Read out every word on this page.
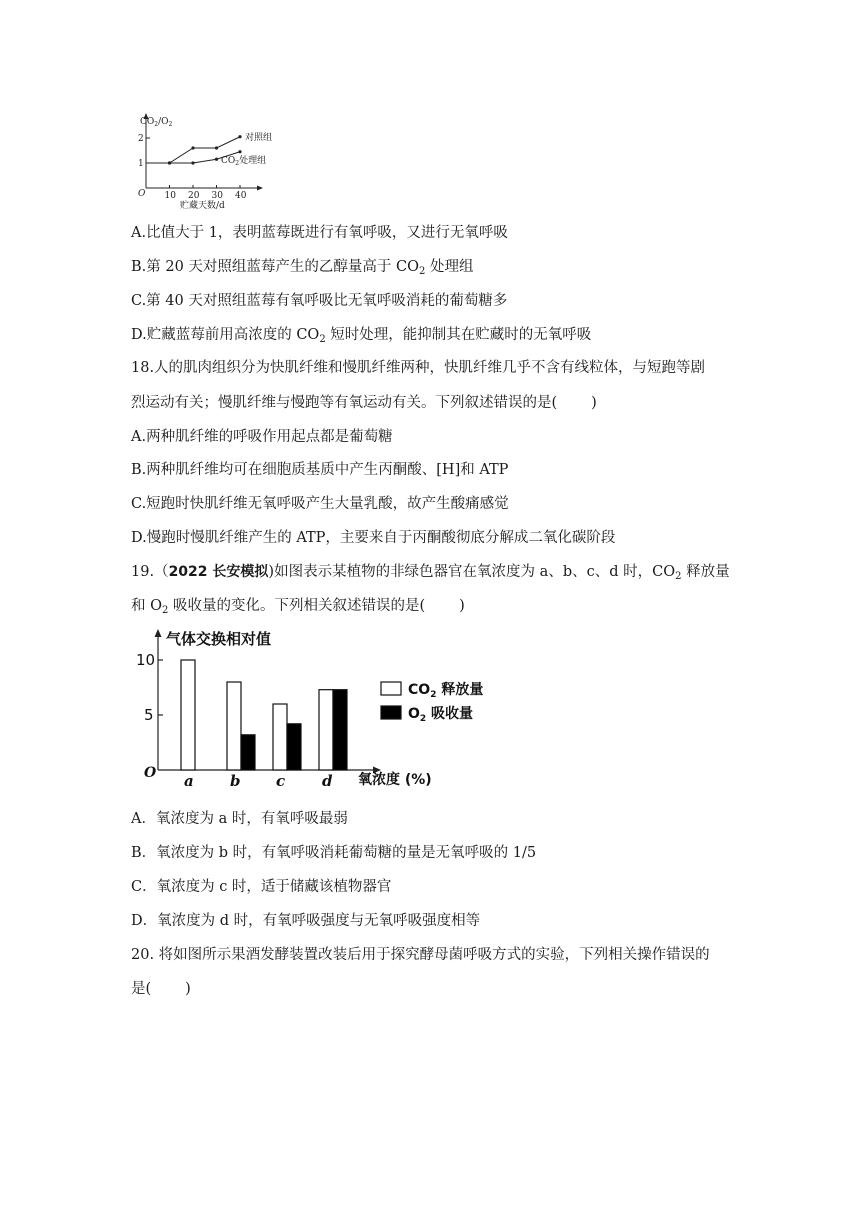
$CO_2/O_2$
1
2
10 20 30 40
O
贮藏天数/d
对照组
$CO_2$处理组
A.比值大于 1，表明蓝莓既进行有氧呼吸，又进行无氧呼吸
B.第 20 天对照组蓝莓产生的乙醇量高于 $CO_2$ 处理组
C.第 40 天对照组蓝莓有氧呼吸比无氧呼吸消耗的葡萄糖多
D.贮藏蓝莓前用高浓度的 $CO_2$ 短时处理，能抑制其在贮藏时的无氧呼吸
18.人的肌肉组织分为快肌纤维和慢肌纤维两种，快肌纤维几乎不含有线粒体，与短跑等剧
烈运动有关；慢肌纤维与慢跑等有氧运动有关。下列叙述错误的是( )
A.两种肌纤维的呼吸作用起点都是葡萄糖
B.两种肌纤维均可在细胞质基质中产生丙酮酸、[H]和 ATP
C.短跑时快肌纤维无氧呼吸产生大量乳酸，故产生酸痛感觉
D.慢跑时慢肌纤维产生的 ATP，主要来自于丙酮酸彻底分解成二氧化碳阶段
19.（2022 长安模拟)如图表示某植物的非绿色器官在氧浓度为 a、b、c、d 时，$CO_2$ 释放量
和 $O_2$ 吸收量的变化。下列相关叙述错误的是( )
气体交换相对值
O
5
10
a b c d 氧浓度 (%)
$CO_2$ 释放量
$O_2$ 吸收量
A．氧浓度为 a 时，有氧呼吸最弱
B．氧浓度为 b 时，有氧呼吸消耗葡萄糖的量是无氧呼吸的 1/5
C．氧浓度为 c 时，适于储藏该植物器官
D．氧浓度为 d 时，有氧呼吸强度与无氧呼吸强度相等
20. 将如图所示果酒发酵装置改装后用于探究酵母菌呼吸方式的实验，下列相关操作错误的
是( )
